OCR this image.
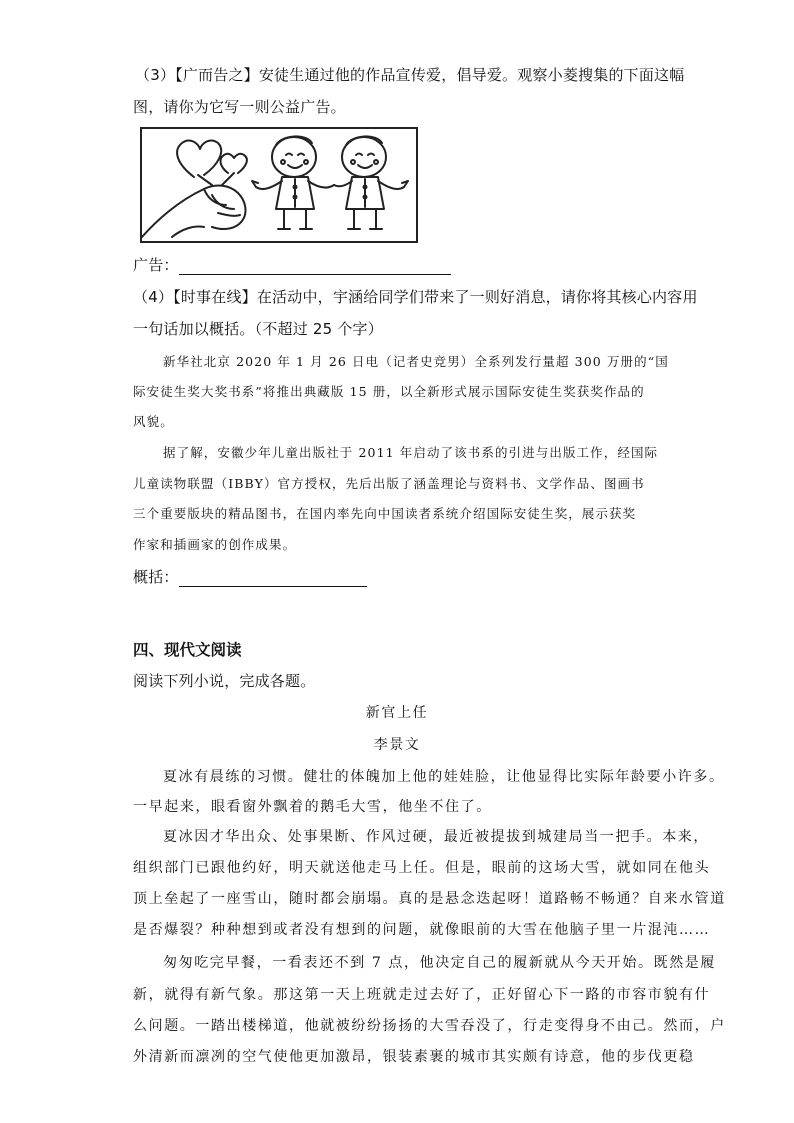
（3）【广而告之】安徒生通过他的作品宣传爱，倡导爱。观察小菱搜集的下面这幅
图，请你为它写一则公益广告。
广告：
（4）【时事在线】在活动中，宇涵给同学们带来了一则好消息，请你将其核心内容用
一句话加以概括。（不超过 25 个字）
新华社北京 2020 年 1 月 26 日电（记者史竞男）全系列发行量超 300 万册的“国
际安徒生奖大奖书系”将推出典藏版 15 册，以全新形式展示国际安徒生奖获奖作品的
风貌。
据了解，安徽少年儿童出版社于 2011 年启动了该书系的引进与出版工作，经国际
儿童读物联盟（IBBY）官方授权，先后出版了涵盖理论与资料书、文学作品、图画书
三个重要版块的精品图书，在国内率先向中国读者系统介绍国际安徒生奖，展示获奖
作家和插画家的创作成果。
概括：
四、现代文阅读
阅读下列小说，完成各题。
新官上任
李景文
夏冰有晨练的习惯。健壮的体魄加上他的娃娃脸，让他显得比实际年龄要小许多。
一早起来，眼看窗外飘着的鹅毛大雪，他坐不住了。
夏冰因才华出众、处事果断、作风过硬，最近被提拔到城建局当一把手。本来，
组织部门已跟他约好，明天就送他走马上任。但是，眼前的这场大雪，就如同在他头
顶上垒起了一座雪山，随时都会崩塌。真的是悬念迭起呀！道路畅不畅通？自来水管道
是否爆裂？种种想到或者没有想到的问题，就像眼前的大雪在他脑子里一片混沌……
匆匆吃完早餐，一看表还不到 7 点，他决定自己的履新就从今天开始。既然是履
新，就得有新气象。那这第一天上班就走过去好了，正好留心下一路的市容市貌有什
么问题。一踏出楼梯道，他就被纷纷扬扬的大雪吞没了，行走变得身不由己。然而，户
外清新而凛冽的空气使他更加激昂，银装素裹的城市其实颇有诗意，他的步伐更稳
